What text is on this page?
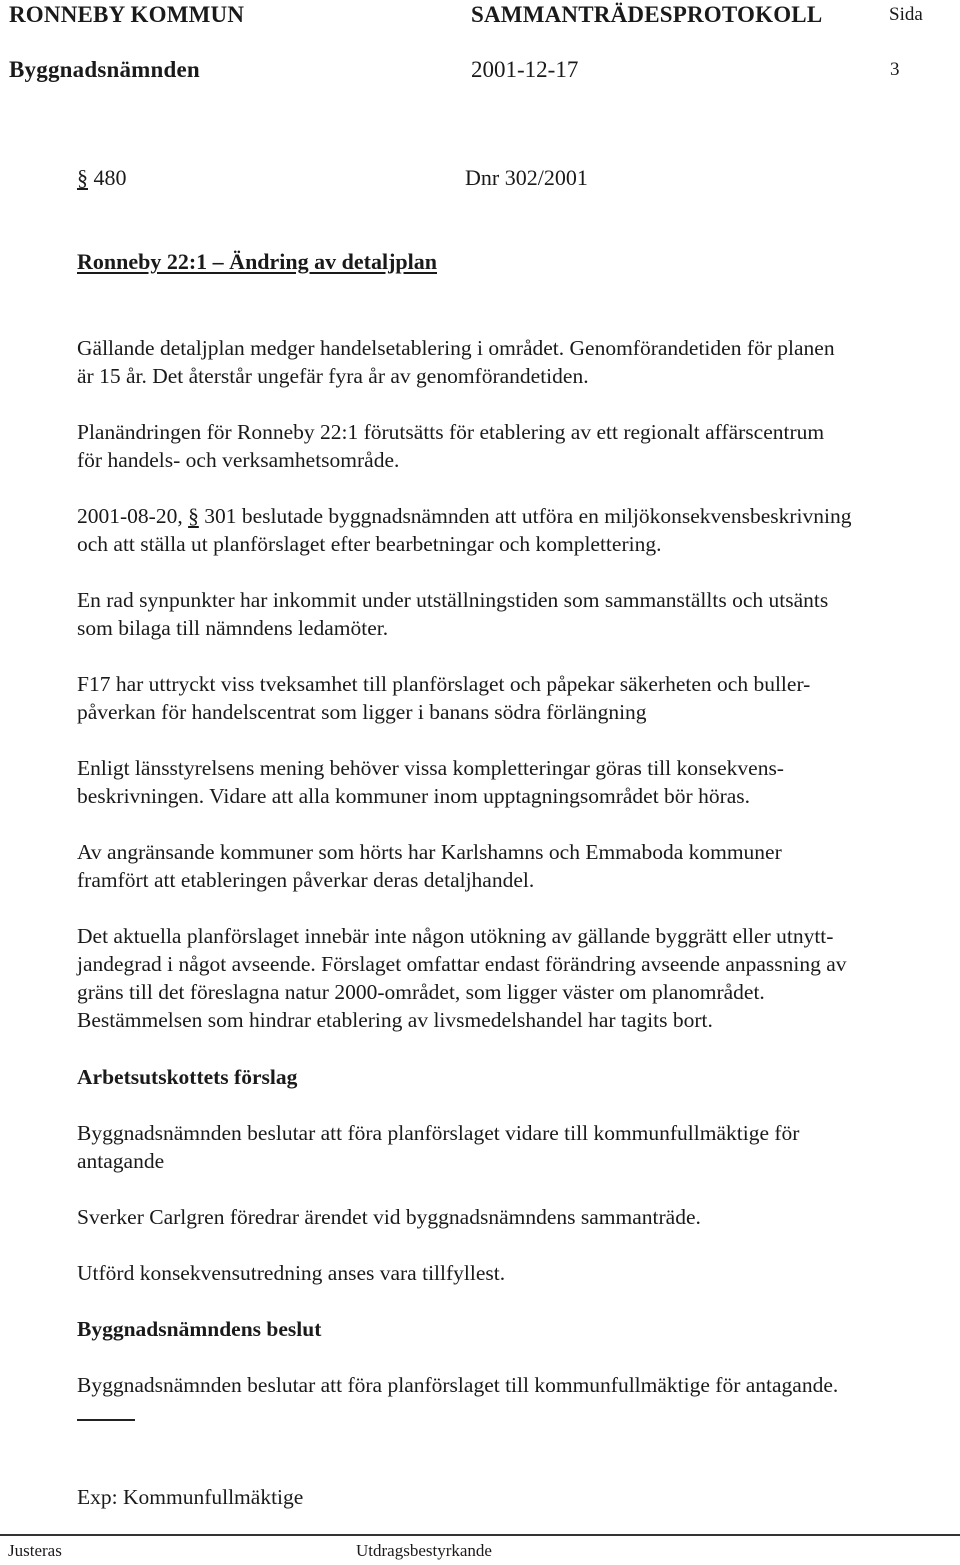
RONNEBY KOMMUN	SAMMANTRÄDESPROTOKOLL	Sida
Byggnadsnämnden	2001-12-17	3
§ 480	Dnr 302/2001
Ronneby 22:1 – Ändring av detaljplan
Gällande detaljplan medger handelsetablering i området. Genomförandetiden för planen
är 15 år. Det återstår ungefär fyra år av genomförandetiden.
Planändringen för Ronneby 22:1 förutsätts för etablering av ett regionalt affärscentrum
för handels- och verksamhetsområde.
2001-08-20, § 301 beslutade byggnadsnämnden att utföra en miljökonsekvensbeskrivning
och att ställa ut planförslaget efter bearbetningar och komplettering.
En rad synpunkter har inkommit under utställningstiden som sammanställts och utsänts
som bilaga till nämndens ledamöter.
F17 har uttryckt viss tveksamhet till planförslaget och påpekar säkerheten och buller-
påverkan för handelscentrat som ligger i banans södra förlängning
Enligt länsstyrelsens mening behöver vissa kompletteringar göras till konsekvens-
beskrivningen. Vidare att alla kommuner inom upptagningsområdet bör höras.
Av angränsande kommuner som hörts har Karlshamns och Emmaboda kommuner
framfört att etableringen påverkar deras detaljhandel.
Det aktuella planförslaget innebär inte någon utökning av gällande byggrätt eller utnytt-
jandegrad i något avseende. Förslaget omfattar endast förändring avseende anpassning av
gräns till det föreslagna natur 2000-området, som ligger väster om planområdet.
Bestämmelsen som hindrar etablering av livsmedelshandel har tagits bort.
Arbetsutskottets förslag
Byggnadsnämnden beslutar att föra planförslaget vidare till kommunfullmäktige för
antagande
Sverker Carlgren föredrar ärendet vid byggnadsnämndens sammanträde.
Utförd konsekvensutredning anses vara tillfyllest.
Byggnadsnämndens beslut
Byggnadsnämnden beslutar att föra planförslaget till kommunfullmäktige för antagande.
Exp: Kommunfullmäktige
Justeras	Utdragsbestyrkande
